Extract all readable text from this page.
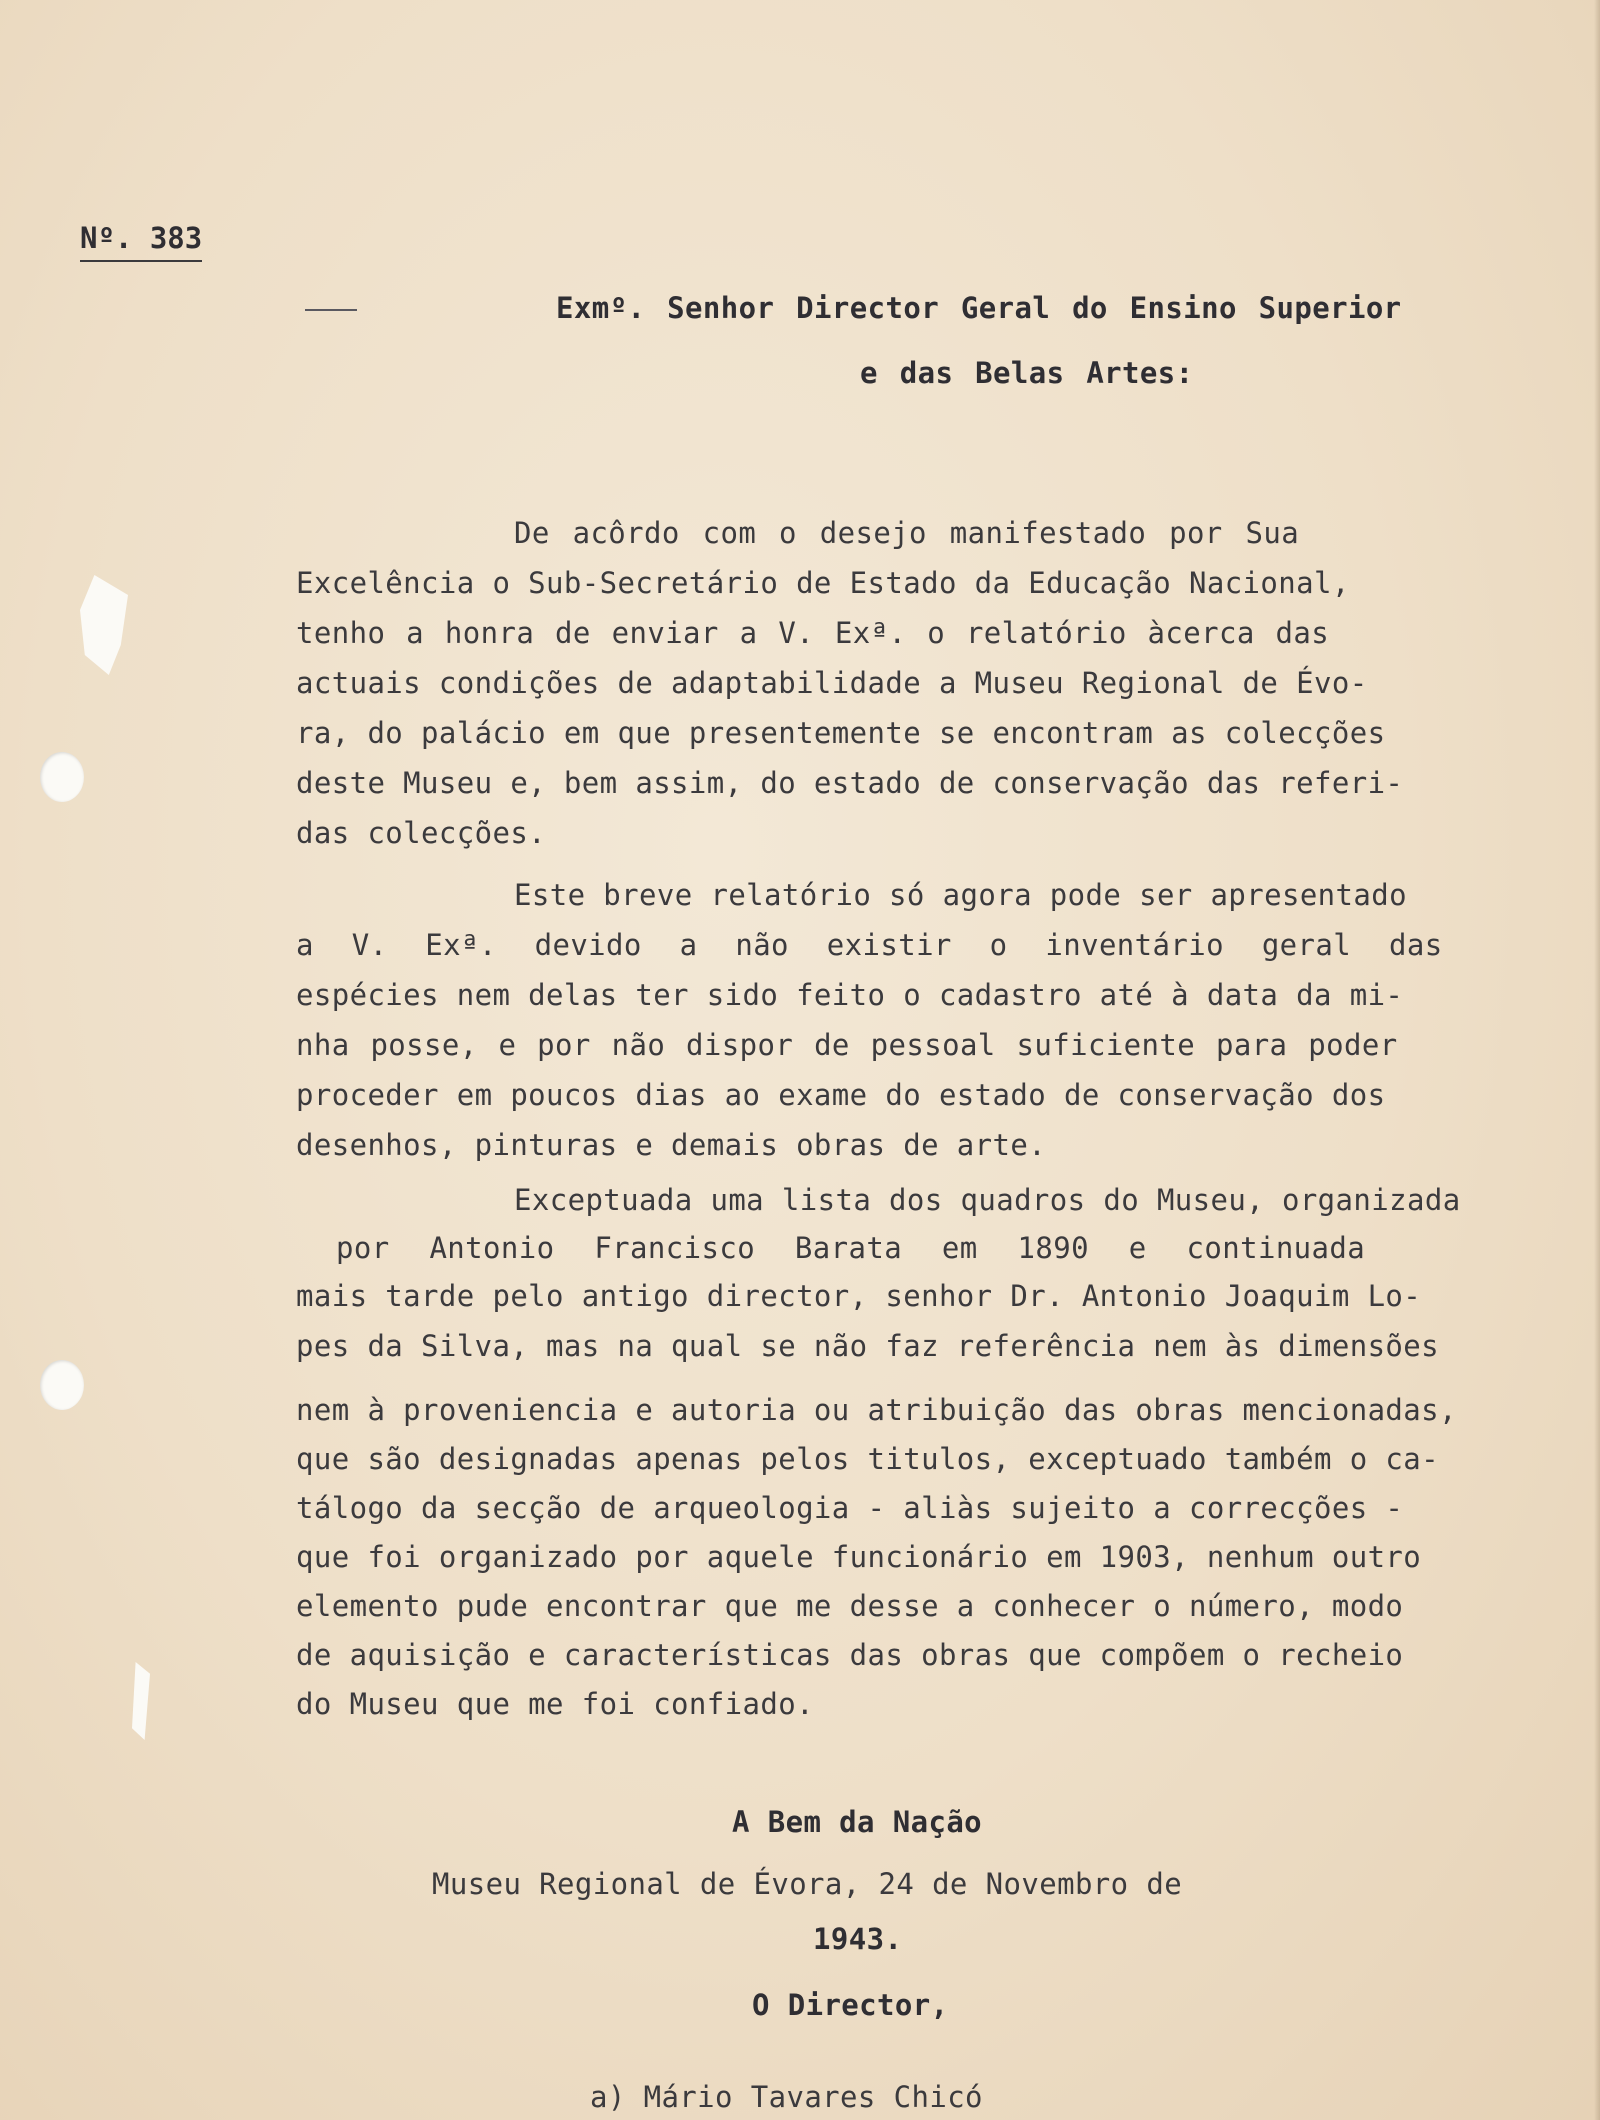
Nº. 383

Exmº. Senhor Director Geral do Ensino Superior

e das Belas Artes:

De acôrdo com o desejo manifestado por Sua

Excelência o Sub-Secretário de Estado da Educação Nacional,

tenho a honra de enviar a V. Exª. o relatório àcerca das

actuais condições de adaptabilidade a Museu Regional de Évo-

ra, do palácio em que presentemente se encontram as colecções

deste Museu e, bem assim, do estado de conservação das referi-

das colecções.

Este breve relatório só agora pode ser apresentado

a V. Exª. devido a não existir o inventário geral das

espécies nem delas ter sido feito o cadastro até à data da mi-

nha posse, e por não dispor de pessoal suficiente para poder

proceder em poucos dias ao exame do estado de conservação dos

desenhos, pinturas e demais obras de arte.

Exceptuada uma lista dos quadros do Museu, organizada

por Antonio Francisco Barata em 1890 e continuada

mais tarde pelo antigo director, senhor Dr. Antonio Joaquim Lo-

pes da Silva, mas na qual se não faz referência nem às dimensões

nem à proveniencia e autoria ou atribuição das obras mencionadas,

que são designadas apenas pelos titulos, exceptuado também o ca-

tálogo da secção de arqueologia - aliàs sujeito a correcções -

que foi organizado por aquele funcionário em 1903, nenhum outro

elemento pude encontrar que me desse a conhecer o número, modo

de aquisição e características das obras que compõem o recheio

do Museu que me foi confiado.

A Bem da Nação

Museu Regional de Évora, 24 de Novembro de

1943.

O Director,

a) Mário Tavares Chicó
